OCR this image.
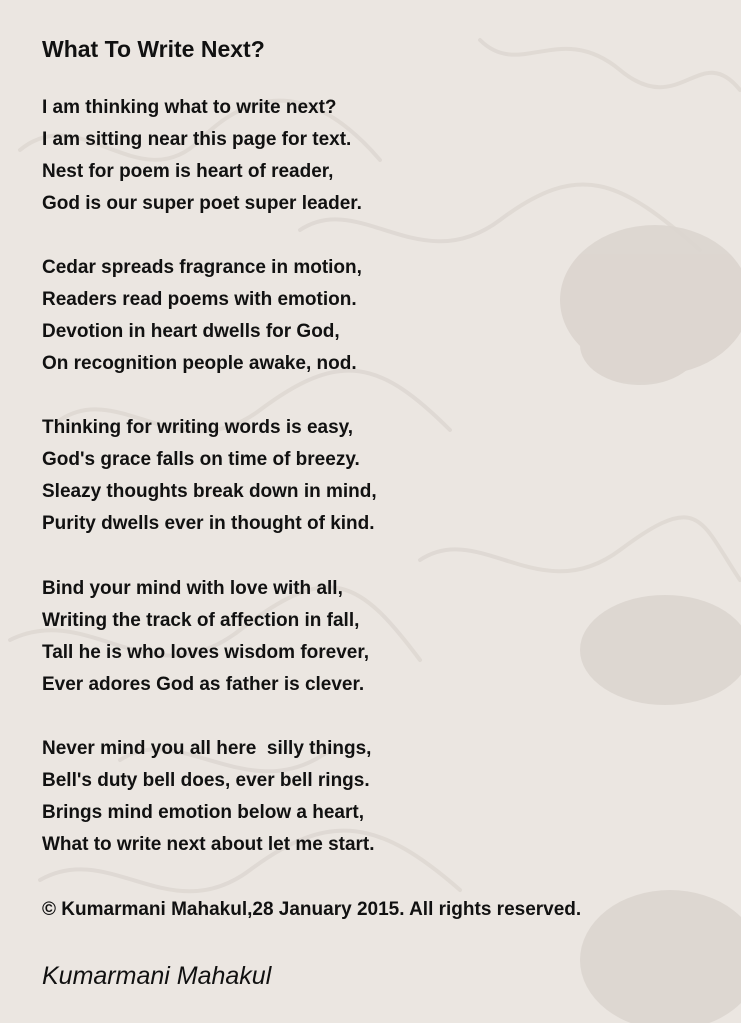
What To Write Next?
I am thinking what to write next?
I am sitting near this page for text.
Nest for poem is heart of reader,
God is our super poet super leader.
Cedar spreads fragrance in motion,
Readers read poems with emotion.
Devotion in heart dwells for God,
On recognition people awake, nod.
Thinking for writing words is easy,
God's grace falls on time of breezy.
Sleazy thoughts break down in mind,
Purity dwells ever in thought of kind.
Bind your mind with love with all,
Writing the track of affection in fall,
Tall he is who loves wisdom forever,
Ever adores God as father is clever.
Never mind you all here  silly things,
Bell's duty bell does, ever bell rings.
Brings mind emotion below a heart,
What to write next about let me start.
© Kumarmani Mahakul,28 January 2015. All rights reserved.
Kumarmani Mahakul
